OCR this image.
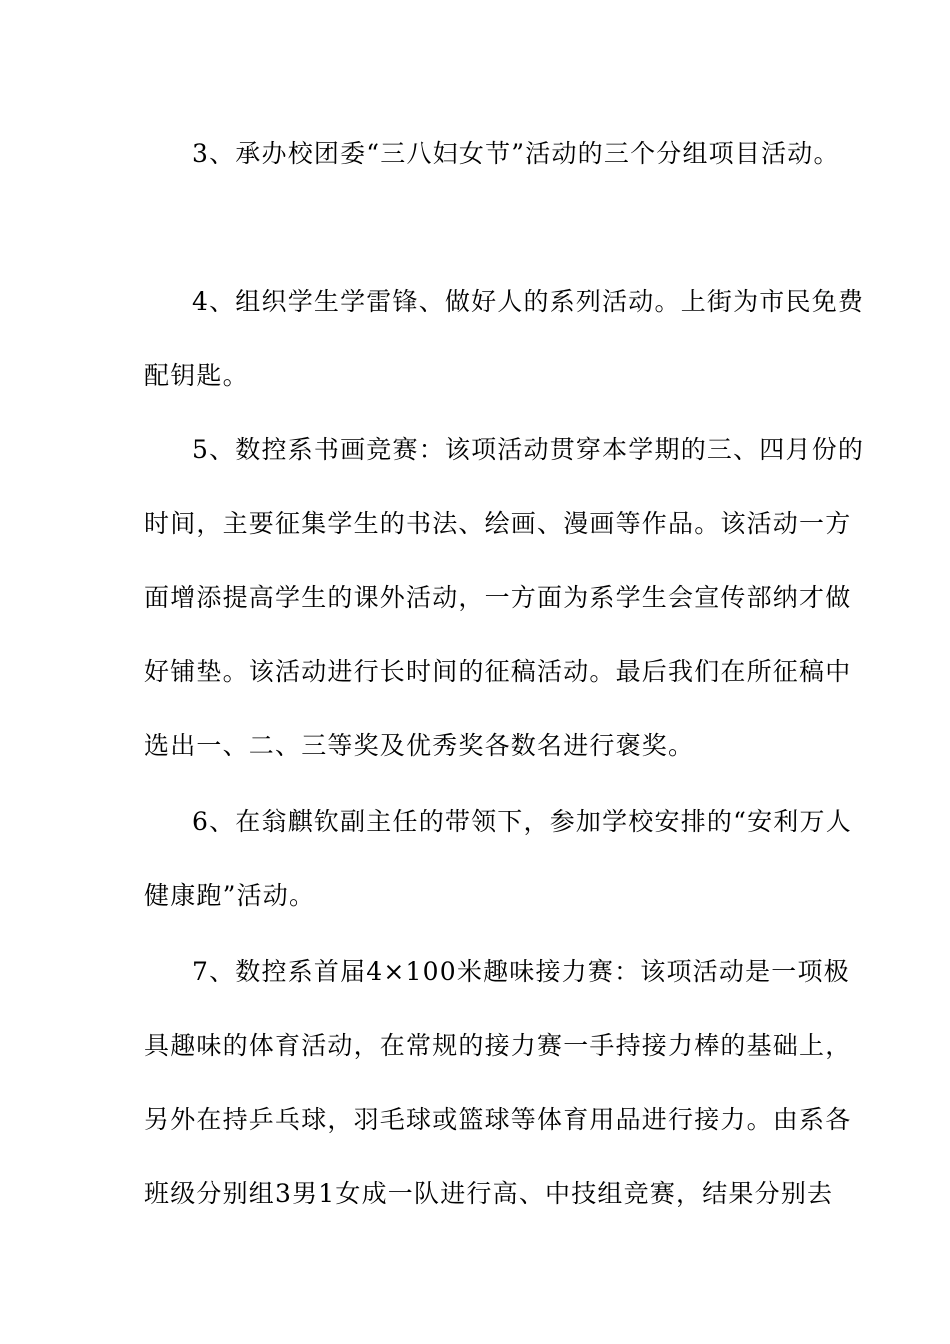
3、承办校团委“三八妇女节”活动的三个分组项目活动。
4、组织学生学雷锋、做好人的系列活动。上街为市民免费
配钥匙。
5、数控系书画竞赛：该项活动贯穿本学期的三、四月份的
时间，主要征集学生的书法、绘画、漫画等作品。该活动一方
面增添提高学生的课外活动，一方面为系学生会宣传部纳才做
好铺垫。该活动进行长时间的征稿活动。最后我们在所征稿中
选出一、二、三等奖及优秀奖各数名进行褒奖。
6、在翁麒钦副主任的带领下，参加学校安排的“安利万人
健康跑”活动。
7、数控系首届4×100米趣味接力赛：该项活动是一项极
具趣味的体育活动，在常规的接力赛一手持接力棒的基础上，
另外在持乒乓球，羽毛球或篮球等体育用品进行接力。由系各
班级分别组3男1女成一队进行高、中技组竞赛，结果分别去
